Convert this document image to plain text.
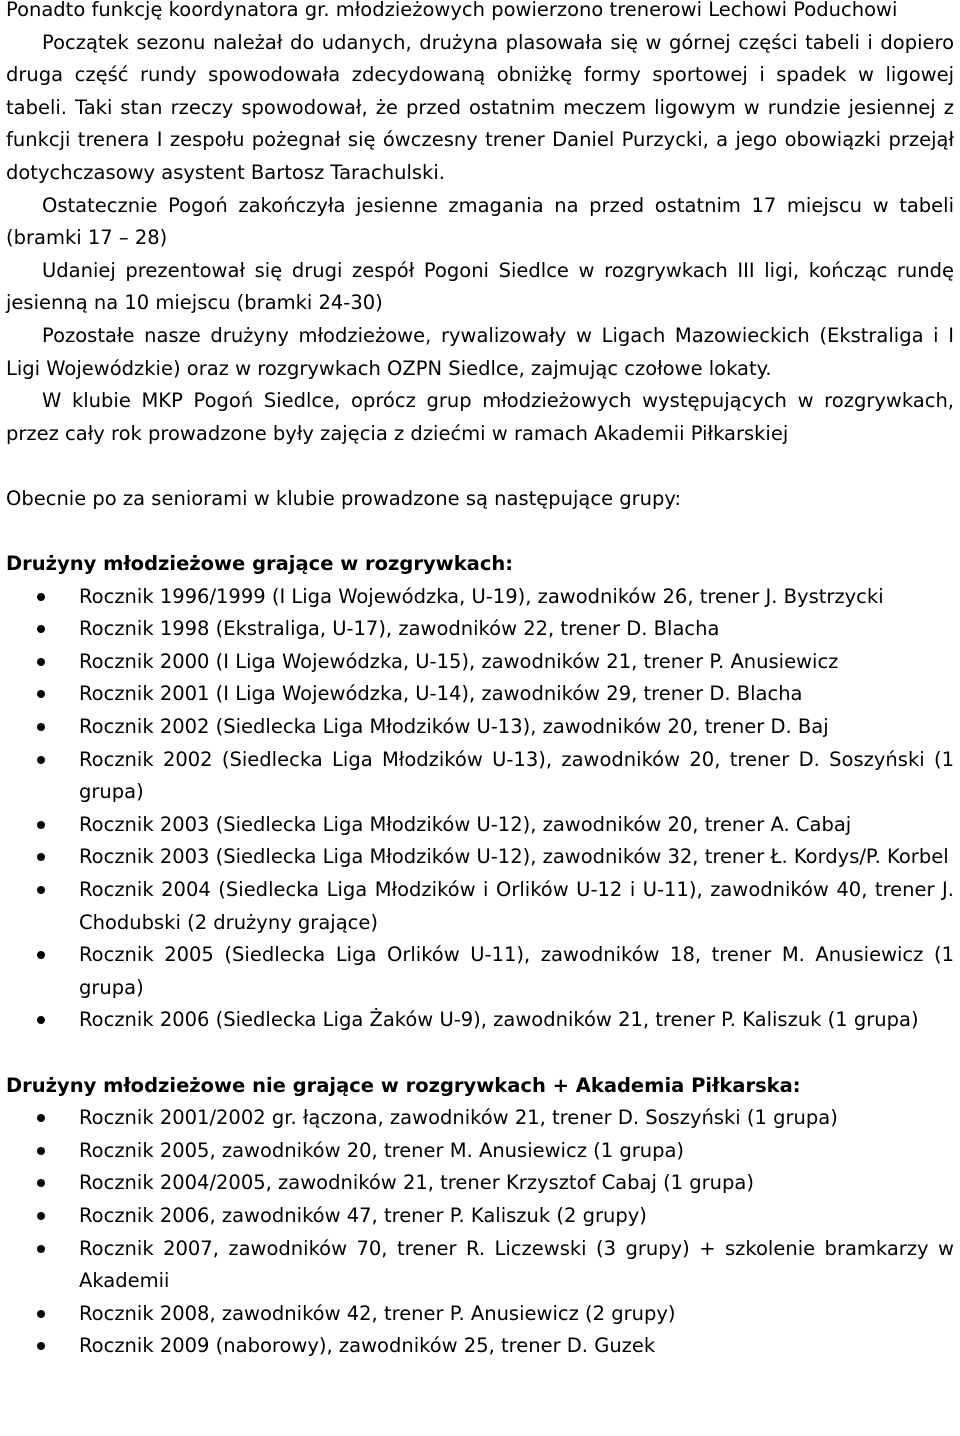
Ponadto funkcję koordynatora gr. młodzieżowych powierzono trenerowi Lechowi Poduchowi

Początek sezonu należał do udanych, drużyna plasowała się w górnej części tabeli i dopiero druga część rundy spowodowała zdecydowaną obniżkę formy sportowej i spadek w ligowej tabeli. Taki stan rzeczy spowodował, że przed ostatnim meczem ligowym w rundzie jesiennej z funkcji trenera I zespołu pożegnał się ówczesny trener Daniel Purzycki, a jego obowiązki przejął dotychczasowy asystent Bartosz Tarachulski.

Ostatecznie Pogoń zakończyła jesienne zmagania na przed ostatnim 17 miejscu w tabeli (bramki 17 – 28)

Udaniej prezentował się drugi zespół Pogoni Siedlce w rozgrywkach III ligi, kończąc rundę jesienną na 10 miejscu (bramki 24-30)

Pozostałe nasze drużyny młodzieżowe, rywalizowały w Ligach Mazowieckich (Ekstraliga i I Ligi Wojewódzkie) oraz w rozgrywkach OZPN Siedlce, zajmując czołowe lokaty.

W klubie MKP Pogoń Siedlce, oprócz grup młodzieżowych występujących w rozgrywkach, przez cały rok prowadzone były zajęcia z dziećmi w ramach Akademii Piłkarskiej

Obecnie po za seniorami w klubie prowadzone są następujące grupy:

Drużyny młodzieżowe grające w rozgrywkach:

Rocznik 1996/1999 (I Liga Wojewódzka, U-19), zawodników 26, trener J. Bystrzycki
Rocznik 1998 (Ekstraliga, U-17), zawodników 22, trener D. Blacha
Rocznik 2000 (I Liga Wojewódzka, U-15), zawodników 21, trener P. Anusiewicz
Rocznik 2001 (I Liga Wojewódzka, U-14), zawodników 29, trener D. Blacha
Rocznik 2002 (Siedlecka Liga Młodzików U-13), zawodników 20, trener D. Baj
Rocznik 2002 (Siedlecka Liga Młodzików U-13), zawodników 20, trener D. Soszyński (1 grupa)
Rocznik 2003 (Siedlecka Liga Młodzików U-12), zawodników 20, trener A. Cabaj
Rocznik 2003 (Siedlecka Liga Młodzików U-12), zawodników 32, trener Ł. Kordys/P. Korbel
Rocznik 2004 (Siedlecka Liga Młodzików i Orlików U-12 i U-11), zawodników 40, trener J. Chodubski (2 drużyny grające)
Rocznik 2005 (Siedlecka Liga Orlików U-11), zawodników 18, trener M. Anusiewicz (1 grupa)
Rocznik 2006 (Siedlecka Liga Żaków U-9), zawodników 21, trener P. Kaliszuk (1 grupa)

Drużyny młodzieżowe nie grające w rozgrywkach + Akademia Piłkarska:

Rocznik 2001/2002 gr. łączona, zawodników 21, trener D. Soszyński (1 grupa)
Rocznik 2005, zawodników 20, trener M. Anusiewicz (1 grupa)
Rocznik 2004/2005, zawodników 21, trener Krzysztof Cabaj (1 grupa)
Rocznik 2006, zawodników 47, trener P. Kaliszuk (2 grupy)
Rocznik 2007, zawodników 70, trener R. Liczewski (3 grupy) + szkolenie bramkarzy w Akademii
Rocznik 2008, zawodników 42, trener P. Anusiewicz (2 grupy)
Rocznik 2009 (naborowy), zawodników 25, trener D. Guzek
